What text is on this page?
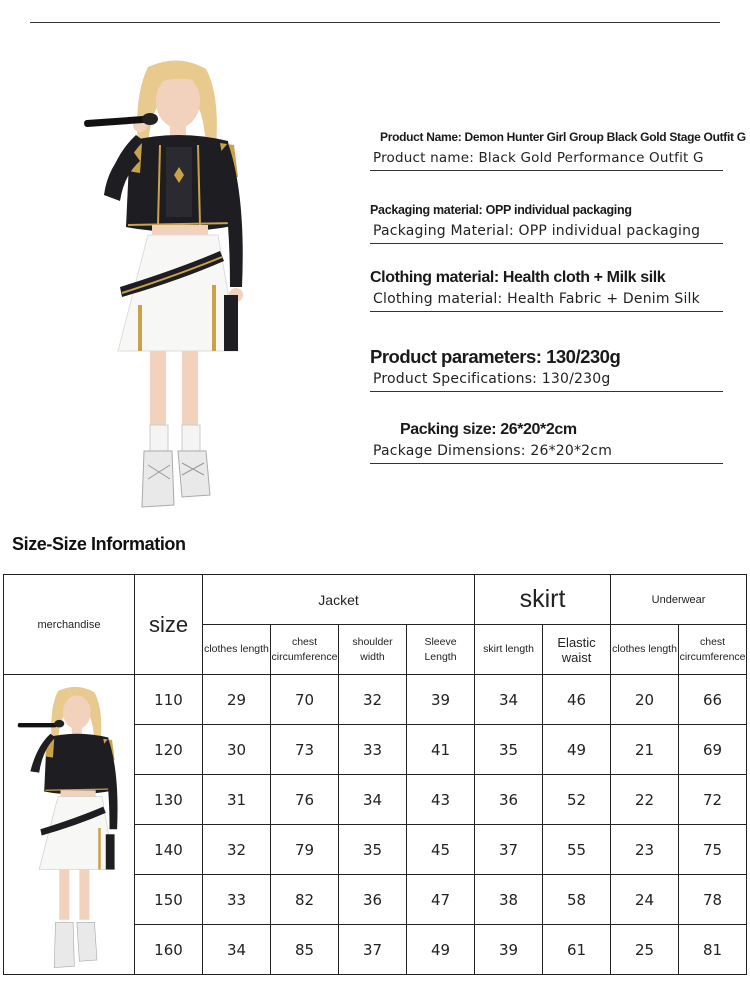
Product Name: Demon Hunter Girl Group Black Gold Stage Outfit G
Product name: Black Gold Performance Outfit G
Packaging material: OPP individual packaging
Packaging Material: OPP individual packaging
Clothing material: Health cloth + Milk silk
Clothing material: Health Fabric + Denim Silk
Product parameters: 130/230g
Product Specifications: 130/230g
Packing size: 26*20*2cm
Package Dimensions: 26*20*2cm
Size-Size Information
merchandise	size	Jacket				skirt		Underwear	
		clothes length	chest circumference	shoulder width	Sleeve Length	skirt length	Elastic waist	clothes length	chest circumference

	110	29	70	32	39	34	46	20	66
	120	30	73	33	41	35	49	21	69
	130	31	76	34	43	36	52	22	72
	140	32	79	35	45	37	55	23	75
	150	33	82	36	47	38	58	24	78
	160	34	85	37	49	39	61	25	81
